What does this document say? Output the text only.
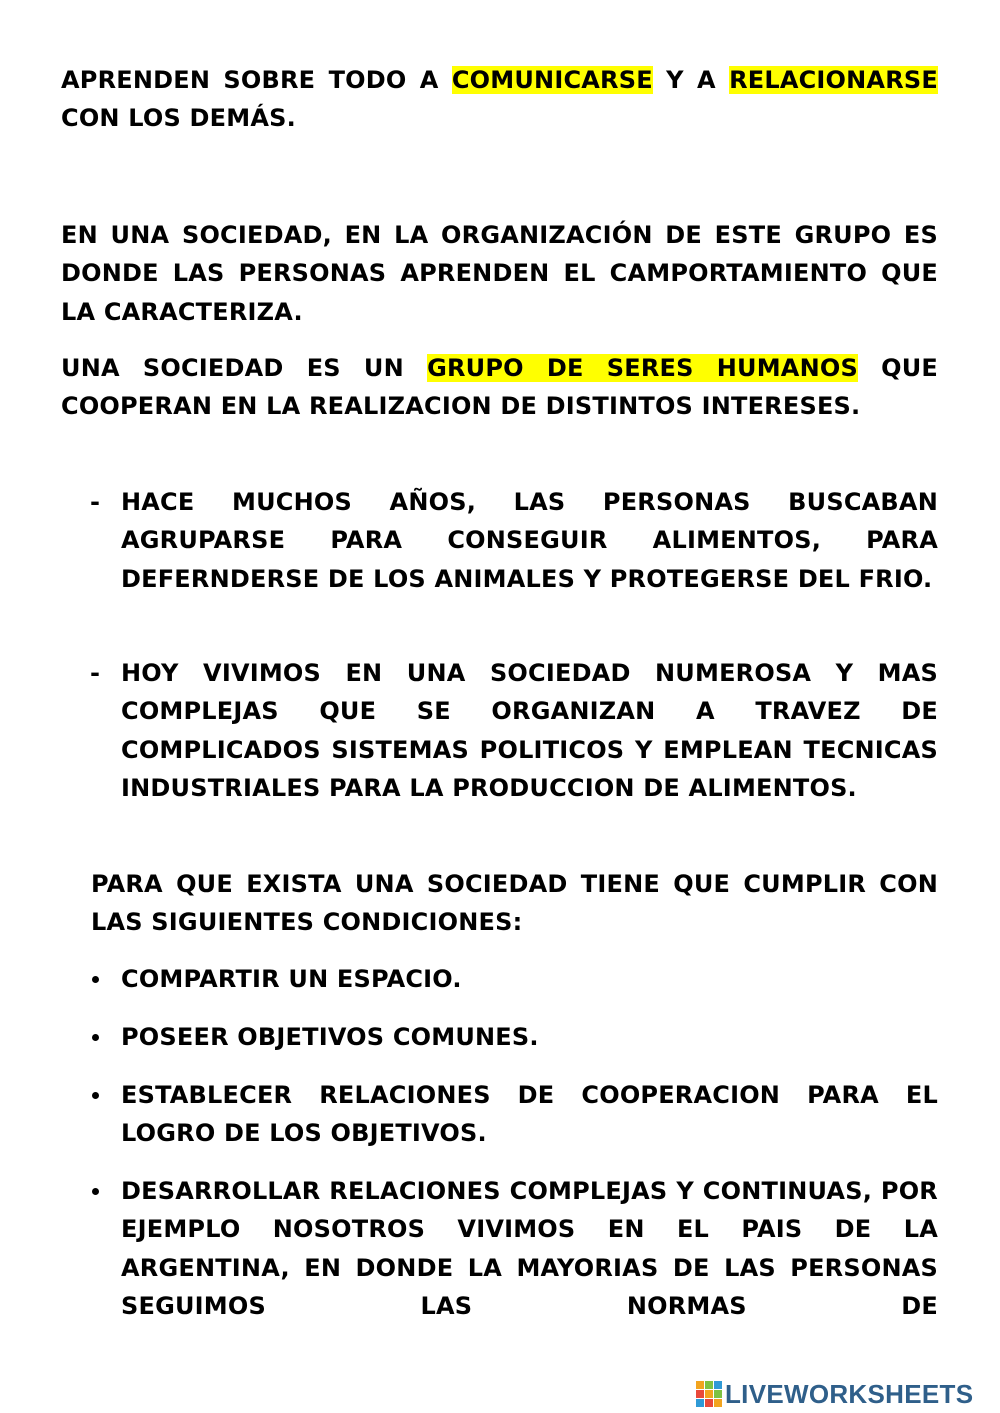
APRENDEN SOBRE TODO A COMUNICARSE Y A RELACIONARSE CON LOS DEMÁS.

EN UNA SOCIEDAD, EN LA ORGANIZACIÓN DE ESTE GRUPO ES DONDE LAS PERSONAS APRENDEN EL CAMPORTAMIENTO QUE LA CARACTERIZA.

UNA SOCIEDAD ES UN GRUPO DE SERES HUMANOS QUE COOPERAN EN LA REALIZACION DE DISTINTOS INTERESES.

- HACE MUCHOS AÑOS, LAS PERSONAS BUSCABAN AGRUPARSE PARA CONSEGUIR ALIMENTOS, PARA DEFERNDERSE DE LOS ANIMALES Y PROTEGERSE DEL FRIO.

- HOY VIVIMOS EN UNA SOCIEDAD NUMEROSA Y MAS COMPLEJAS QUE SE ORGANIZAN A TRAVEZ DE COMPLICADOS SISTEMAS POLITICOS Y EMPLEAN TECNICAS INDUSTRIALES PARA LA PRODUCCION DE ALIMENTOS.

PARA QUE EXISTA UNA SOCIEDAD TIENE QUE CUMPLIR CON LAS SIGUIENTES CONDICIONES:

COMPARTIR UN ESPACIO.

POSEER OBJETIVOS COMUNES.

ESTABLECER RELACIONES DE COOPERACION PARA EL LOGRO DE LOS OBJETIVOS.

DESARROLLAR RELACIONES COMPLEJAS Y CONTINUAS, POR EJEMPLO NOSOTROS VIVIMOS EN EL PAIS DE LA ARGENTINA, EN DONDE LA MAYORIAS DE LAS PERSONAS SEGUIMOS LAS NORMAS DE

LIVEWORKSHEETS
